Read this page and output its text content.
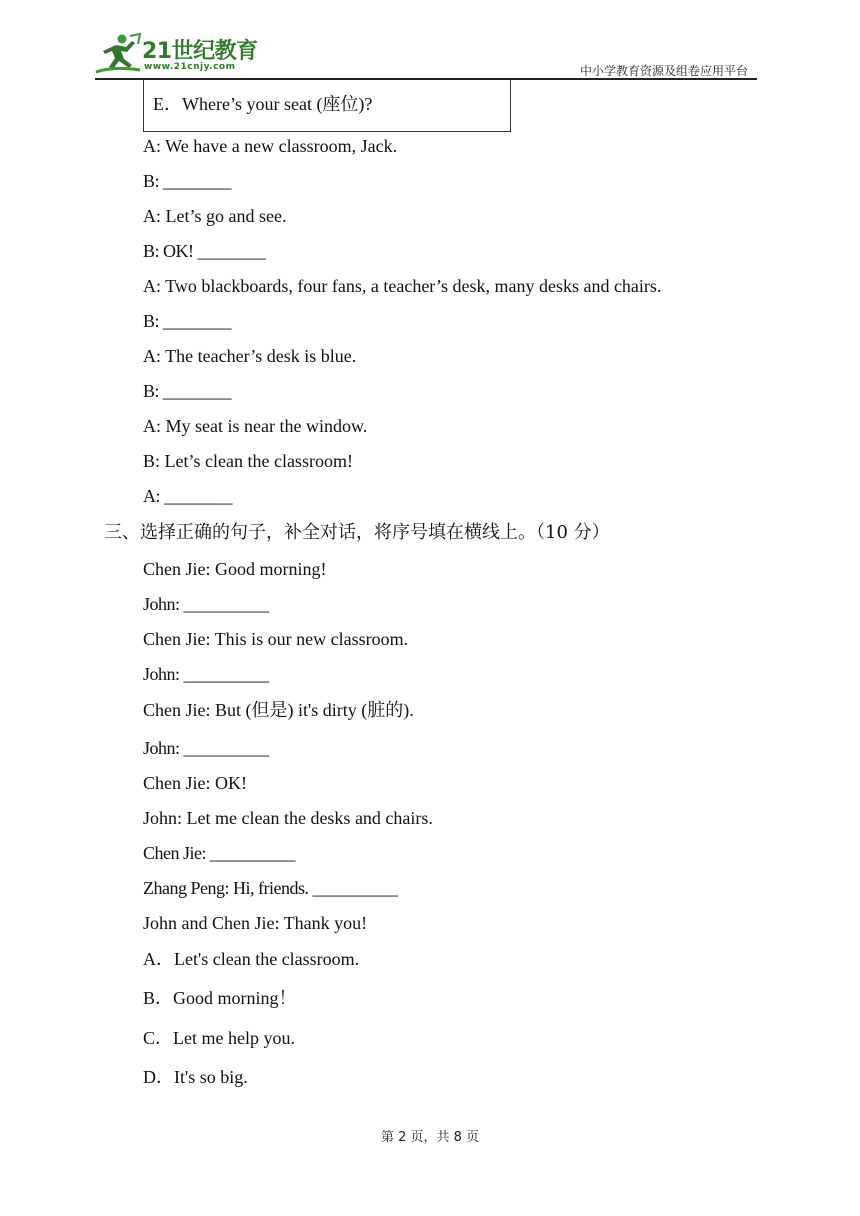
21世纪教育
www.21cnjy.com	中小学教育资源及组卷应用平台
E．Where’s your seat (座位)?
A: We have a new classroom, Jack.
B: ________
A: Let’s go and see.
B: OK! ________
A: Two blackboards, four fans, a teacher’s desk, many desks and chairs.
B: ________
A: The teacher’s desk is blue.
B: ________
A: My seat is near the window.
B: Let’s clean the classroom!
A: ________
三、选择正确的句子，补全对话，将序号填在横线上。（10 分）
Chen Jie: Good morning!
John: __________
Chen Jie: This is our new classroom.
John: __________
Chen Jie: But (但是) it's dirty (脏的).
John: __________
Chen Jie: OK!
John: Let me clean the desks and chairs.
Chen Jie: __________
Zhang Peng: Hi, friends. __________
John and Chen Jie: Thank you!
A．Let's clean the classroom.
B．Good morning！
C．Let me help you.
D．It's so big.
第 2 页，共 8 页
